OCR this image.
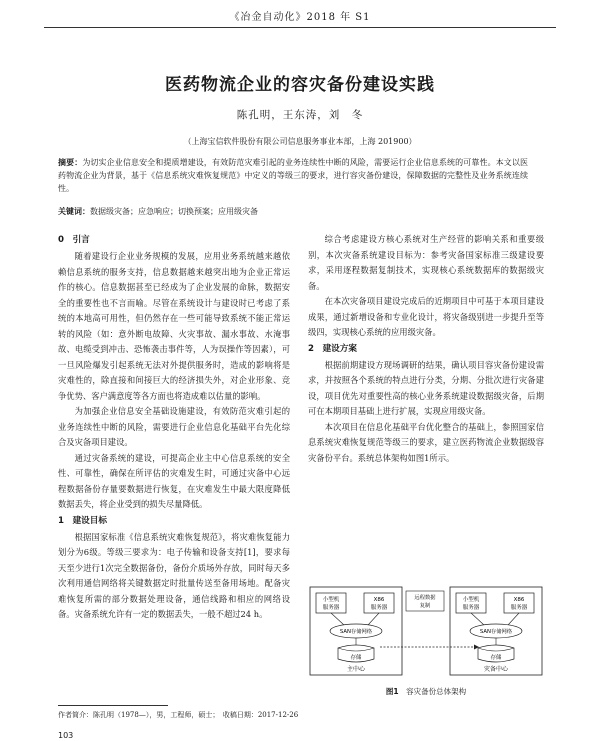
《冶金自动化》2018 年 S1
医药物流企业的容灾备份建设实践
陈孔明，王东涛，刘　冬
（上海宝信软件股份有限公司信息服务事业本部，上海 201900）
摘要：为切实企业信息安全和提质增建设，有效防范灾难引起的业务连续性中断的风险，需要运行企业信息系统的可靠性。本文以医药物流企业为背景，基于《信息系统灾难恢复规范》中定义的等级三的要求，进行容灾备份建设，保障数据的完整性及业务系统连续性。
关键词：数据级灾备；应急响应；切换预案；应用级灾备
0　引言

随着建设行企业业务规模的发展，应用业务系统越来越依赖信息系统的服务支持，信息数据越来越突出地为企业正常运作的核心。信息数据甚至已经成为了企业发展的命脉，数据安全的重要性也不言而喻。尽管在系统设计与建设时已考虑了系统的本地高可用性，但仍然存在一些可能导致系统不能正常运转的风险（如：意外断电故障、火灾事故、漏水事故、水淹事故、电缆受到冲击、恐怖袭击事件等，人为误操作等因素），可一旦风险爆发引起系统无法对外提供服务时，造成的影响将是灾难性的，除直接和间接巨大的经济损失外，对企业形象、竞争优势、客户满意度等各方面也将造成难以估量的影响。

为加强企业信息安全基础设施建设，有效防范灾难引起的业务连续性中断的风险，需要进行企业信息化基础平台先化综合及灾备项目建设。

通过灾备系统的建设，可提高企业主中心信息系统的安全性、可靠性，确保在所评估的灾难发生时，可通过灾备中心远程数据备份存量要数据进行恢复，在灾难发生中最大限度降低数据丢失，将企业受到的损失尽量降低。

1　建设目标

根据国家标准《信息系统灾难恢复规范》，将灾难恢复能力划分为6级。等级三要求为：电子传输和设备支持[1]，要求每天至少进行1次完全数据备份，备份介质场外存放，同时每天多次利用通信网络将关键数据定时批量传送至备用场地。配备灾难恢复所需的部分数据处理设备，通信线路和相应的网络设备。灾备系统允许有一定的数据丢失，一般不超过24 h。

综合考虑建设方核心系统对生产经营的影响关系和重要级别，本次灾备系统建设目标为：参考灾备国家标准三级建设要求，采用逐程数据复制技术，实现核心系统数据库的数据级灾备。

在本次灾备项目建设完成后的近期项目中可基于本项目建设成果，通过新增设备和专业化设计，将灾备级别进一步提升至等级四，实现核心系统的应用级灾备。

2　建设方案

根据前期建设方现场调研的结果，确认项目容灾备份建设需求，并按照各个系统的特点进行分类，分期、分批次进行灾备建设，项目优先对重要性高的核心业务系统建设数据级灾备，后期可在本期项目基础上进行扩展，实现应用级灾备。

本次项目在信息化基础平台优化整合的基础上，参照国家信息系统灾难恢复规范等级三的要求，建立医药物流企业数据级容灾备份平台。系统总体架构如图1所示。

小型机
服务器
X86
服务器
SAN存储网络
存储
主中心
远程数据
复制
小型机
服务器
X86
服务器
SAN存储网络
存储
灾备中心
图1　 容灾备份总体架构
作者简介：陈孔明（1978—），男，工程师，硕士；　收稿日期：2017-12-26
103
